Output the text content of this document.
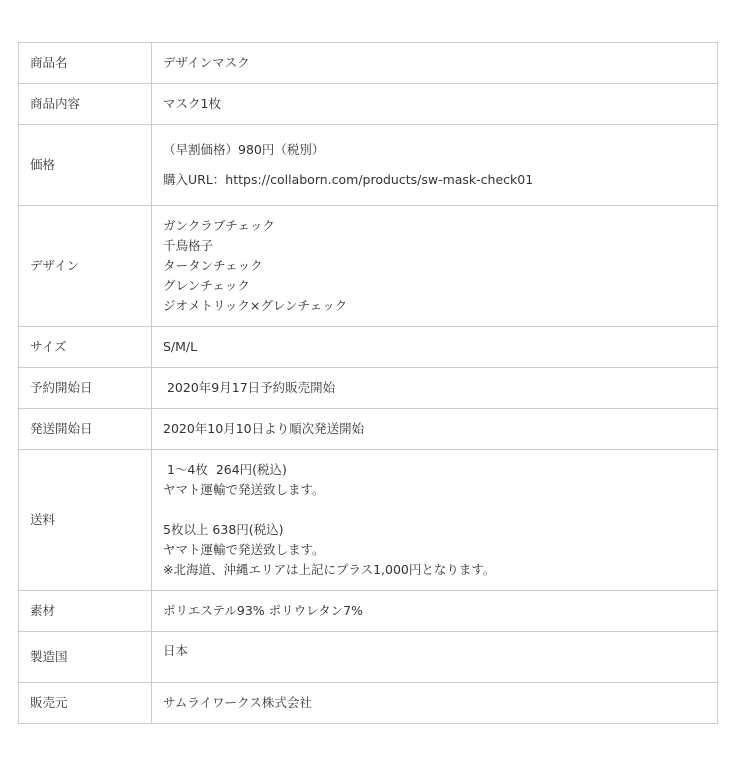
商品名	デザインマスク

商品内容	マスク1枚

価格	（早割価格）980円（税別）
購入URL：https://collaborn.com/products/sw-mask-check01

デザイン	ガンクラブチェック
千鳥格子
タータンチェック
グレンチェック
ジオメトリック×グレンチェック

サイズ	S/M/L

予約開始日	2020年9月17日予約販売開始

発送開始日	2020年10月10日より順次発送開始

送料	1〜4枚  264円(税込)
ヤマト運輸で発送致します。
5枚以上 638円(税込)
ヤマト運輸で発送致します。
※北海道、沖縄エリアは上記にプラス1,000円となります。

素材	ポリエステル93% ポリウレタン7%

製造国	日本

販売元	サムライワークス株式会社
